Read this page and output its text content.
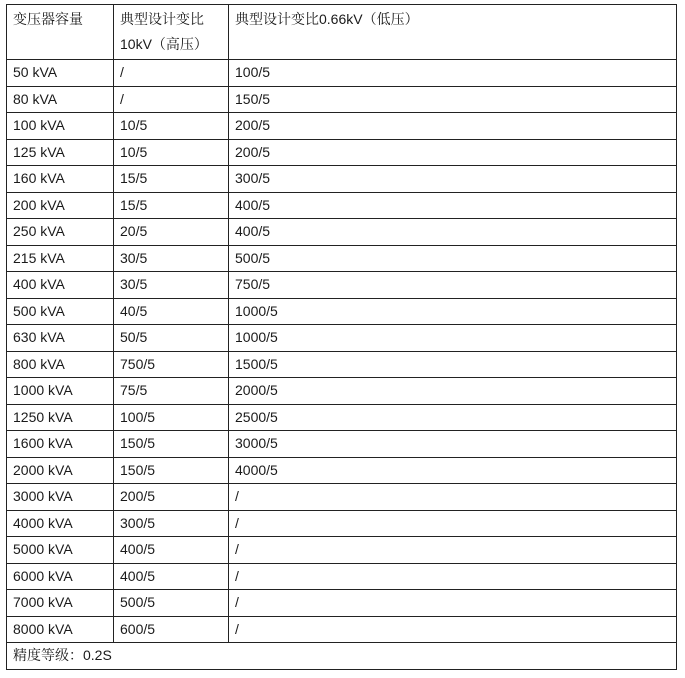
变压器容量	典型设计变比10kV（高压）	典型设计变比0.66kV（低压）
50 kVA	/	100/5
80 kVA	/	150/5
100 kVA	10/5	200/5
125 kVA	10/5	200/5
160 kVA	15/5	300/5
200 kVA	15/5	400/5
250 kVA	20/5	400/5
215 kVA	30/5	500/5
400 kVA	30/5	750/5
500 kVA	40/5	1000/5
630 kVA	50/5	1000/5
800 kVA	750/5	1500/5
1000 kVA	75/5	2000/5
1250 kVA	100/5	2500/5
1600 kVA	150/5	3000/5
2000 kVA	150/5	4000/5
3000 kVA	200/5	/
4000 kVA	300/5	/
5000 kVA	400/5	/
6000 kVA	400/5	/
7000 kVA	500/5	/
8000 kVA	600/5	/
精度等级：0.2S		
